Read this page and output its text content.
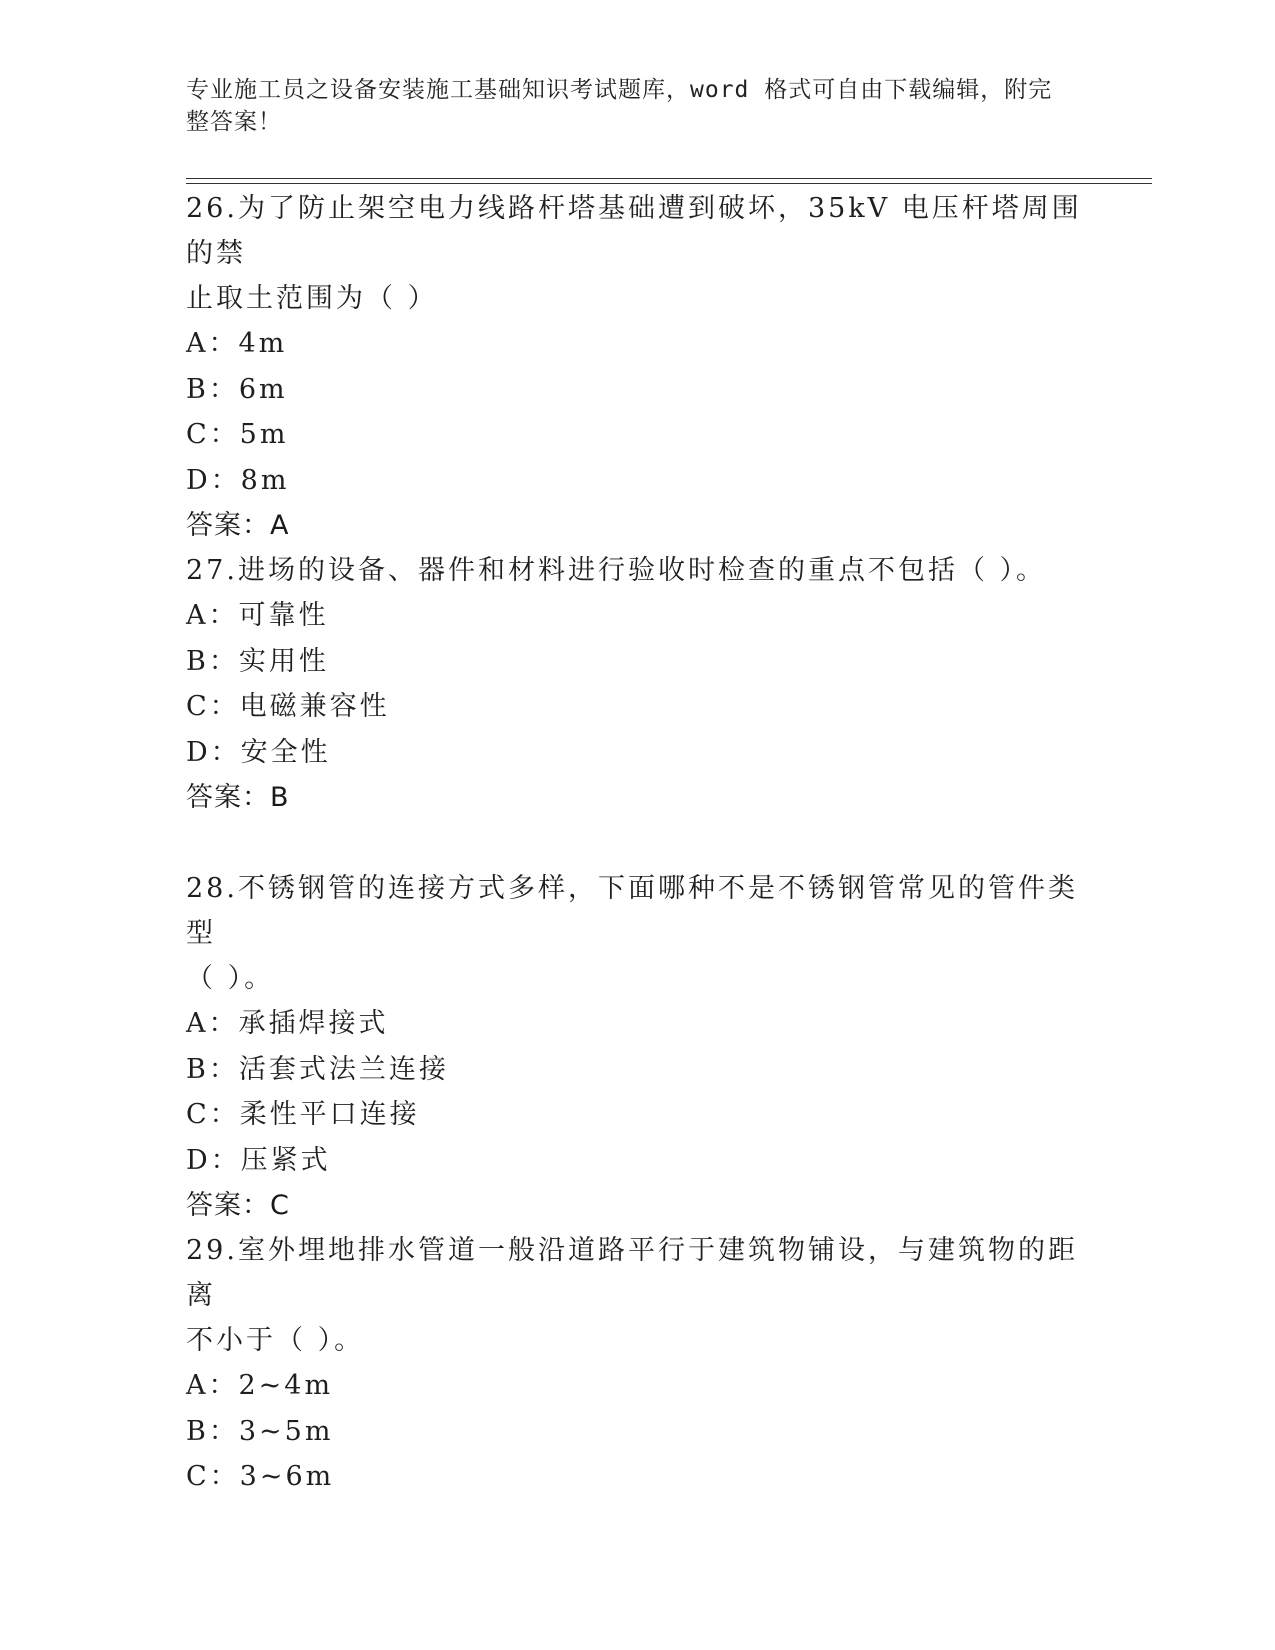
专业施工员之设备安装施工基础知识考试题库，word 格式可自由下载编辑，附完
整答案！

26.为了防止架空电力线路杆塔基础遭到破坏，35kV 电压杆塔周围的禁
止取土范围为（ ）

A：4m
B：6m
C：5m
D：8m
答案：A

27.进场的设备、器件和材料进行验收时检查的重点不包括（ ）。

A：可靠性
B：实用性
C：电磁兼容性
D：安全性
答案：B

28.不锈钢管的连接方式多样，下面哪种不是不锈钢管常见的管件类型
（ ）。

A：承插焊接式
B：活套式法兰连接
C：柔性平口连接
D：压紧式
答案：C

29.室外埋地排水管道一般沿道路平行于建筑物铺设，与建筑物的距离
不小于（ ）。

A：2~4m
B：3~5m
C：3~6m
